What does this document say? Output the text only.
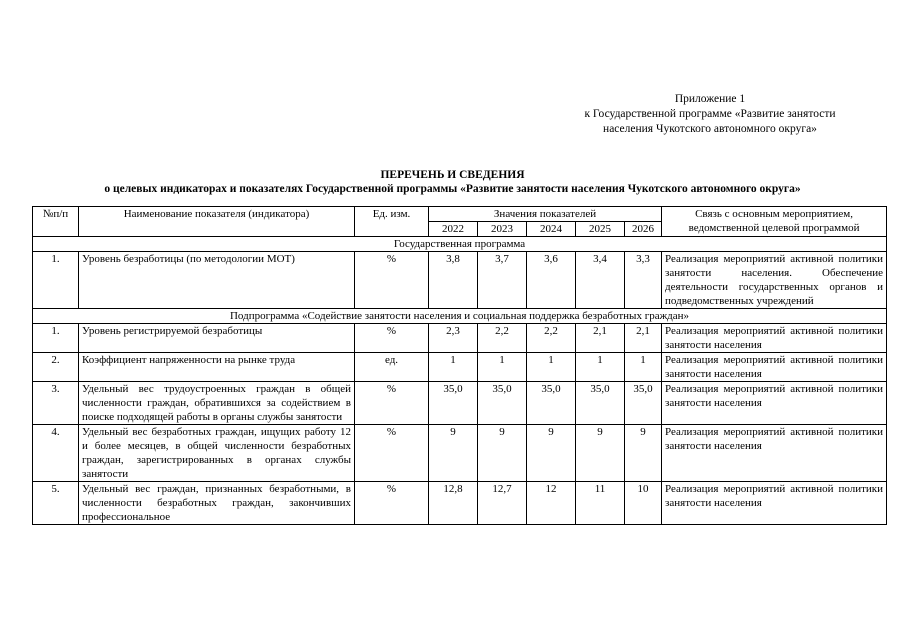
Приложение 1
к Государственной программе «Развитие занятости
населения Чукотского автономного округа»
ПЕРЕЧЕНЬ И СВЕДЕНИЯ
о целевых индикаторах и показателях Государственной программы «Развитие занятости населения Чукотского автономного округа»
№п/п	Наименование показателя (индикатора)	Ед. изм.	Значения показателей					Связь с основным мероприятием, ведомственной целевой программой
			2022	2023	2024	2025	2026	
Государственная программа								
1.	Уровень безработицы (по методологии МОТ)	%	3,8	3,7	3,6	3,4	3,3	Реализация мероприятий активной политики занятости населения. Обеспечение деятельности государственных органов и подведомственных учреждений
Подпрограмма «Содействие занятости населения и социальная поддержка безработных граждан»								
1.	Уровень регистрируемой безработицы	%	2,3	2,2	2,2	2,1	2,1	Реализация мероприятий активной политики занятости населения
2.	Коэффициент напряженности на рынке труда	ед.	1	1	1	1	1	Реализация мероприятий активной политики занятости населения
3.	Удельный вес трудоустроенных граждан в общей численности граждан, обратившихся за содействием в поиске подходящей работы в органы службы занятости	%	35,0	35,0	35,0	35,0	35,0	Реализация мероприятий активной политики занятости населения
4.	Удельный вес безработных граждан, ищущих работу 12 и более месяцев, в общей численности безработных граждан, зарегистрированных в органах службы занятости	%	9	9	9	9	9	Реализация мероприятий активной политики занятости населения
5.	Удельный вес граждан, признанных безработными, в численности безработных граждан, закончивших профессиональное	%	12,8	12,7	12	11	10	Реализация мероприятий активной политики занятости населения
